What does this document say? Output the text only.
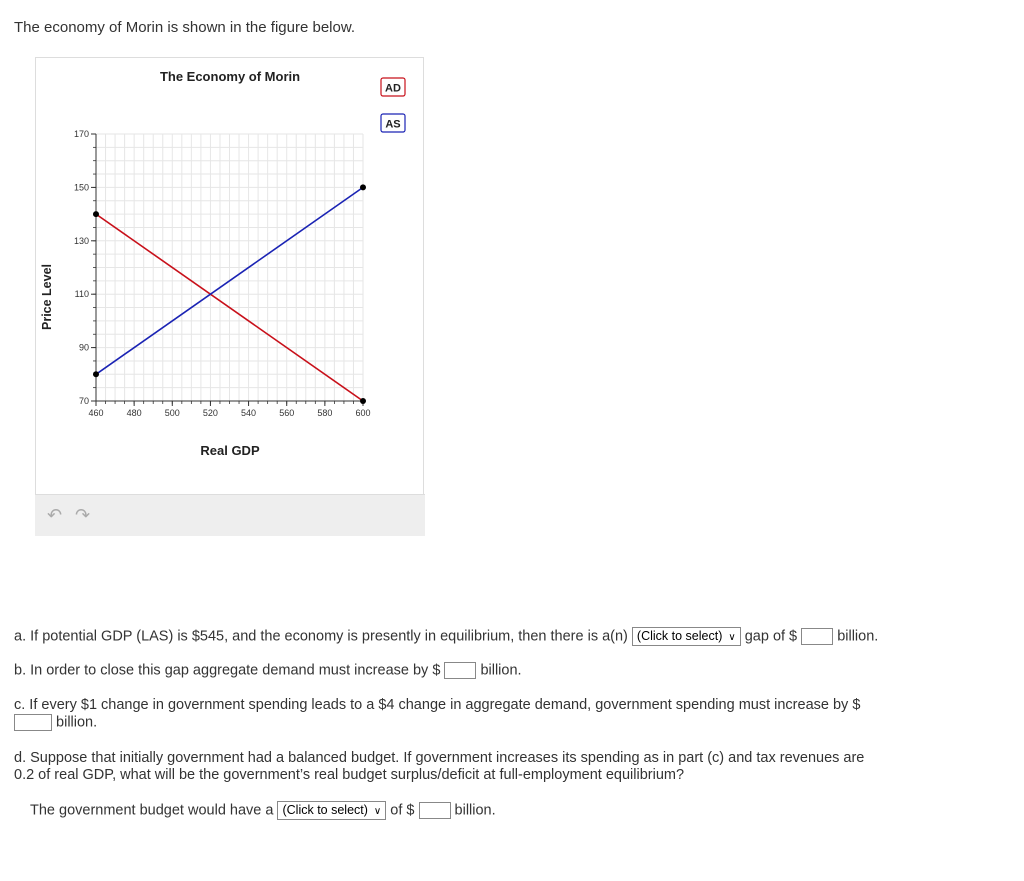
The economy of Morin is shown in the figure below.
↶ ↷
The Economy of Morin
460	480	500	520	540	560	580	600
70
90
110
130
150
170
Price Level
Real GDP
AD
AS
a. If potential GDP (LAS) is $545, and the economy is presently in equilibrium, then there is a(n) (Click to select) ∨ gap of $	billion.
b. In order to close this gap aggregate demand must increase by $	billion.
c. If every $1 change in government spending leads to a $4 change in aggregate demand, government spending must increase by $
billion.
d. Suppose that initially government had a balanced budget. If government increases its spending as in part (c) and tax revenues are
0.2 of real GDP, what will be the government’s real budget surplus/deficit at full-employment equilibrium?
The government budget would have a (Click to select) ∨ of $	billion.
